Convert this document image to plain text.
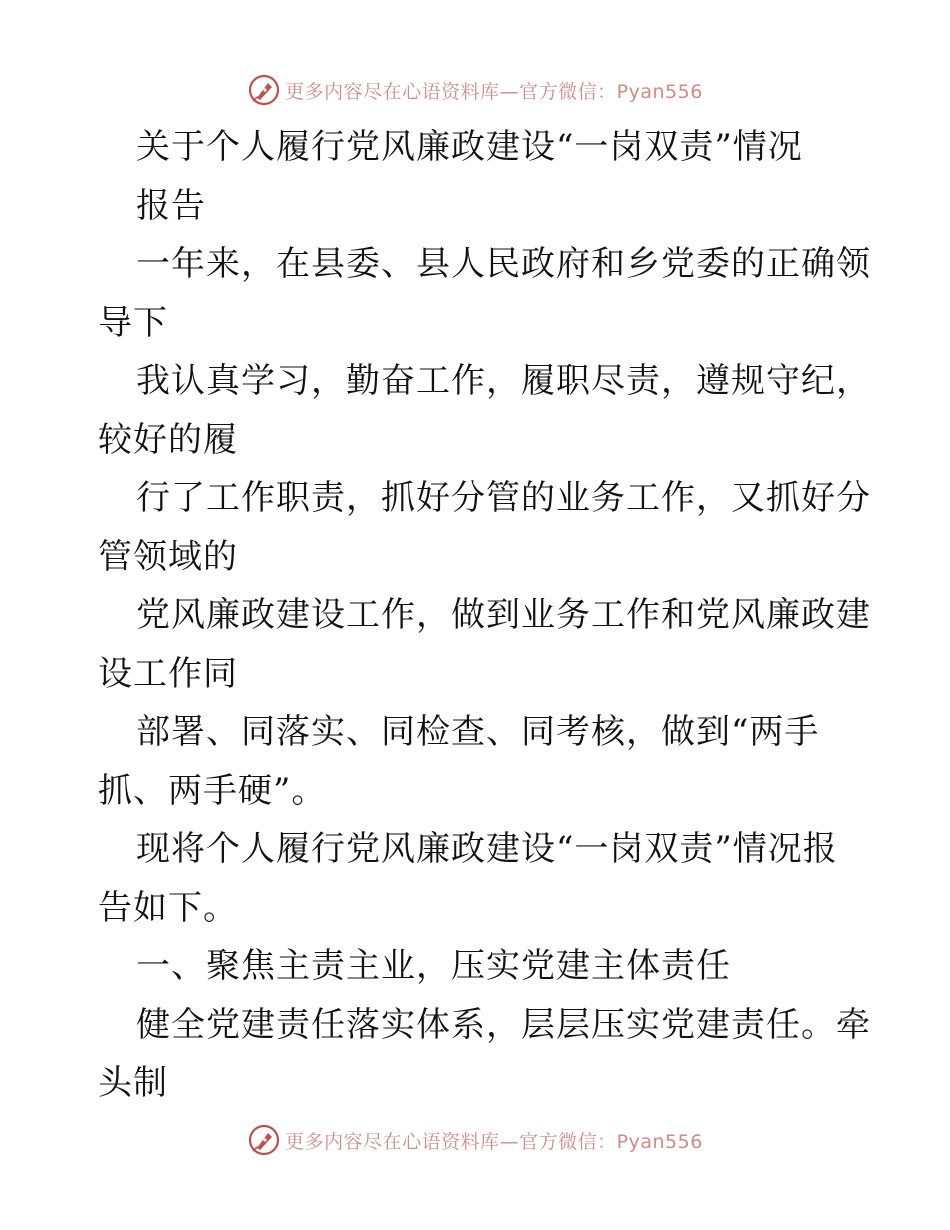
更多内容尽在心语资料库—官方微信：Pyan556
关于个人履行党风廉政建设“一岗双责”情况
报告
一年来，在县委、县人民政府和乡党委的正确领
导下
我认真学习，勤奋工作，履职尽责，遵规守纪，
较好的履
行了工作职责，抓好分管的业务工作，又抓好分
管领域的
党风廉政建设工作，做到业务工作和党风廉政建
设工作同
部署、同落实、同检查、同考核，做到“两手
抓、两手硬”。
现将个人履行党风廉政建设“一岗双责”情况报
告如下。
一、聚焦主责主业，压实党建主体责任
健全党建责任落实体系，层层压实党建责任。牵
头制
更多内容尽在心语资料库—官方微信：Pyan556
